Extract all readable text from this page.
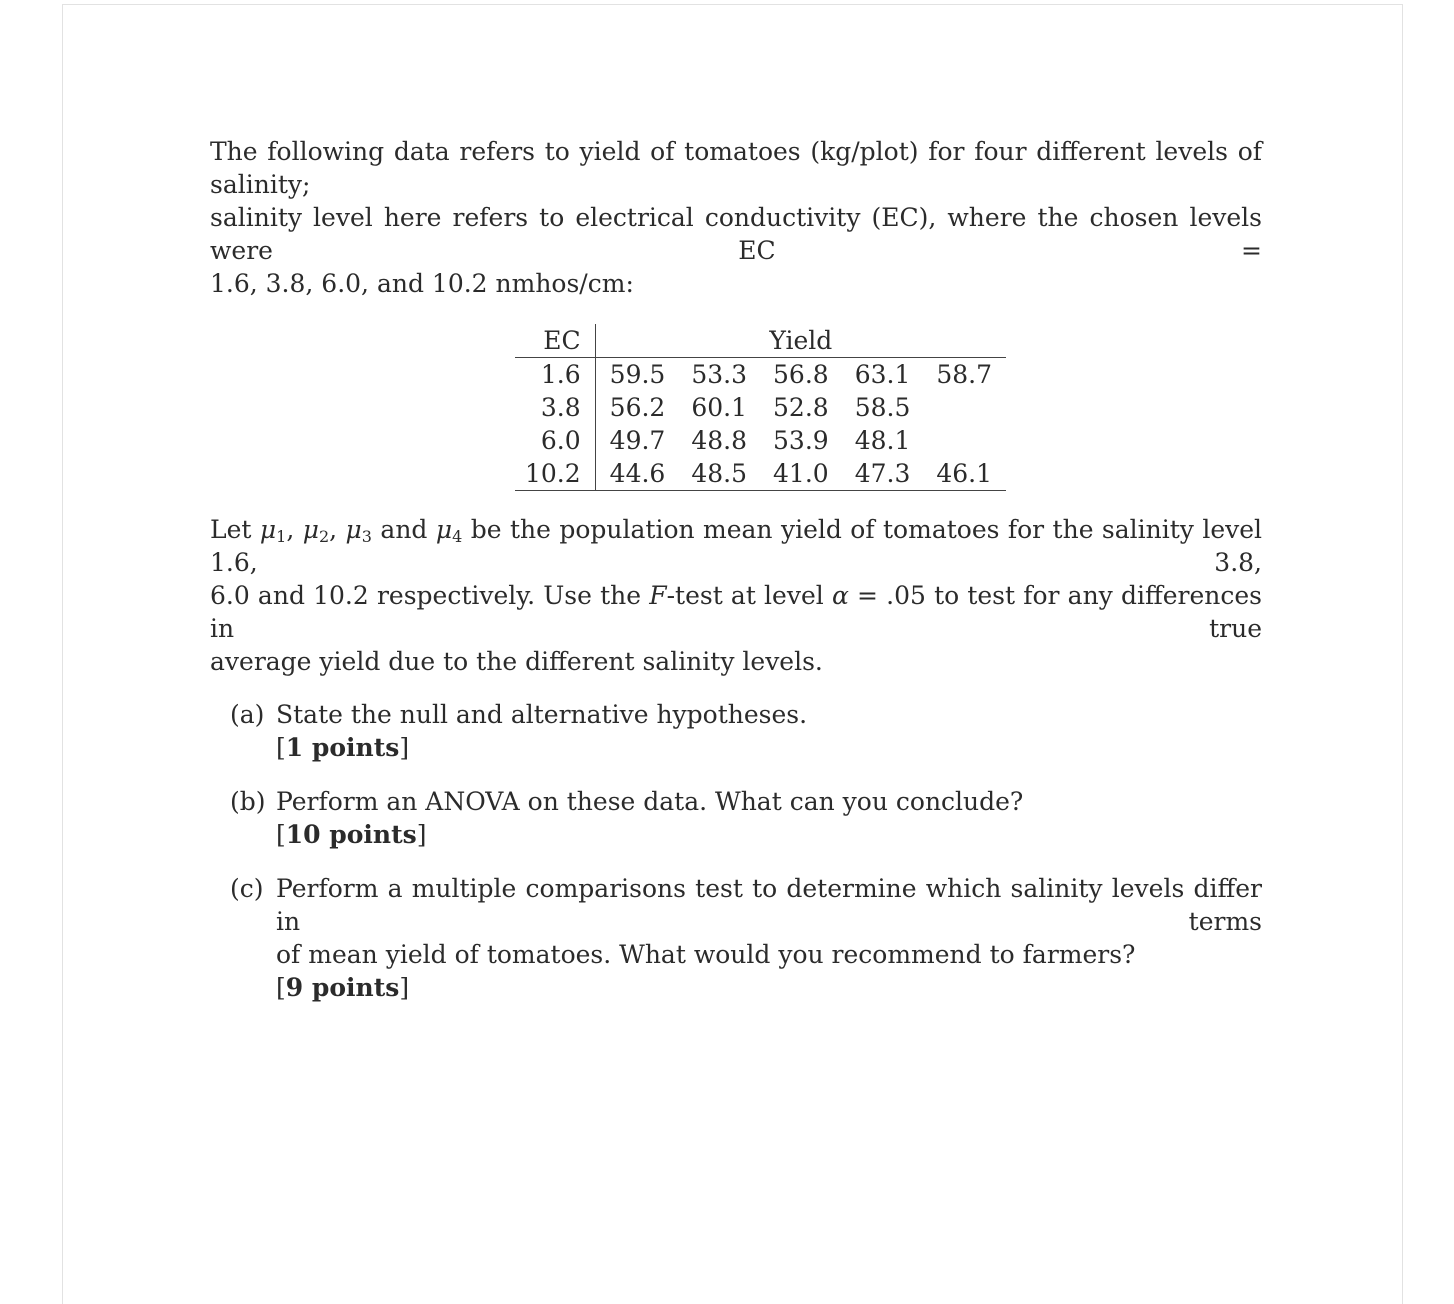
The following data refers to yield of tomatoes (kg/plot) for four different levels of salinity;
salinity level here refers to electrical conductivity (EC), where the chosen levels were EC =
1.6, 3.8, 6.0, and 10.2 nmhos/cm:

EC	Yield				
1.6	59.5	53.3	56.8	63.1	58.7
3.8	56.2	60.1	52.8	58.5	
6.0	49.7	48.8	53.9	48.1	
10.2	44.6	48.5	41.0	47.3	46.1

Let $\mu_1$, $\mu_2$, $\mu_3$ and $\mu_4$ be the population mean yield of tomatoes for the salinity level 1.6, 3.8,
6.0 and 10.2 respectively. Use the F-test at level α = .05 to test for any differences in true
average yield due to the different salinity levels.

(a) State the null and alternative hypotheses.
[1 points]
(b) Perform an ANOVA on these data. What can you conclude?
[10 points]
(c) Perform a multiple comparisons test to determine which salinity levels differ in terms
of mean yield of tomatoes. What would you recommend to farmers?
[9 points]
